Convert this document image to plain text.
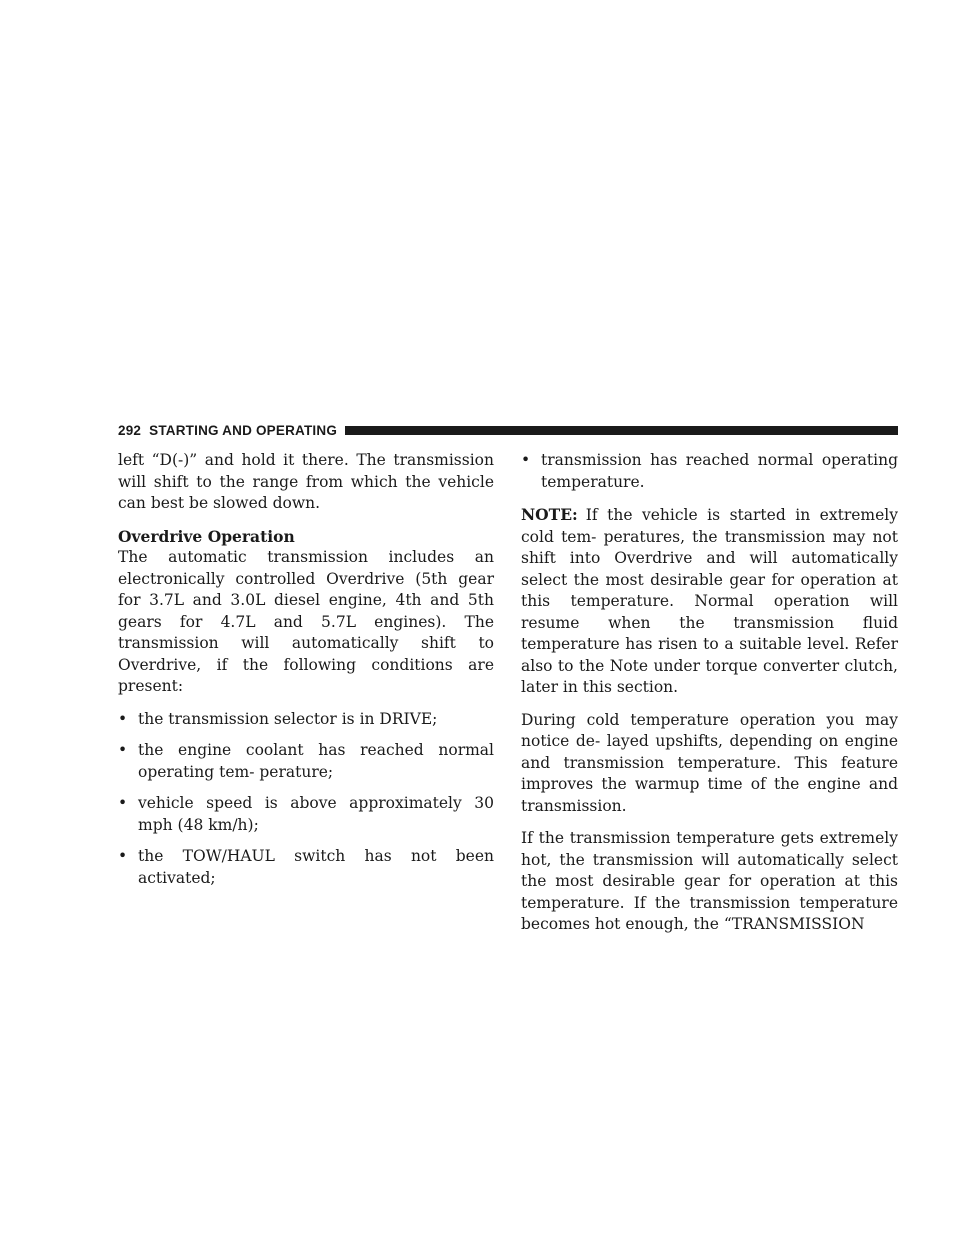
292 STARTING AND OPERATING

left “D(-)” and hold it there. The transmission will shift to the range from which the vehicle can best be slowed down.

Overdrive Operation

The automatic transmission includes an electronically controlled Overdrive (5th gear for 3.7L and 3.0L diesel engine, 4th and 5th gears for 4.7L and 5.7L engines). The transmission will automatically shift to Overdrive, if the following conditions are present:

• the transmission selector is in DRIVE;
• the engine coolant has reached normal operating tem- perature;
• vehicle speed is above approximately 30 mph (48 km/h);
• the TOW/HAUL switch has not been activated;
• transmission has reached normal operating temperature.

NOTE: If the vehicle is started in extremely cold tem- peratures, the transmission may not shift into Overdrive and will automatically select the most desirable gear for operation at this temperature. Normal operation will resume when the transmission fluid temperature has risen to a suitable level. Refer also to the Note under torque converter clutch, later in this section.

During cold temperature operation you may notice de- layed upshifts, depending on engine and transmission temperature. This feature improves the warmup time of the engine and transmission.

If the transmission temperature gets extremely hot, the transmission will automatically select the most desirable gear for operation at this temperature. If the transmission temperature becomes hot enough, the “TRANSMISSION
